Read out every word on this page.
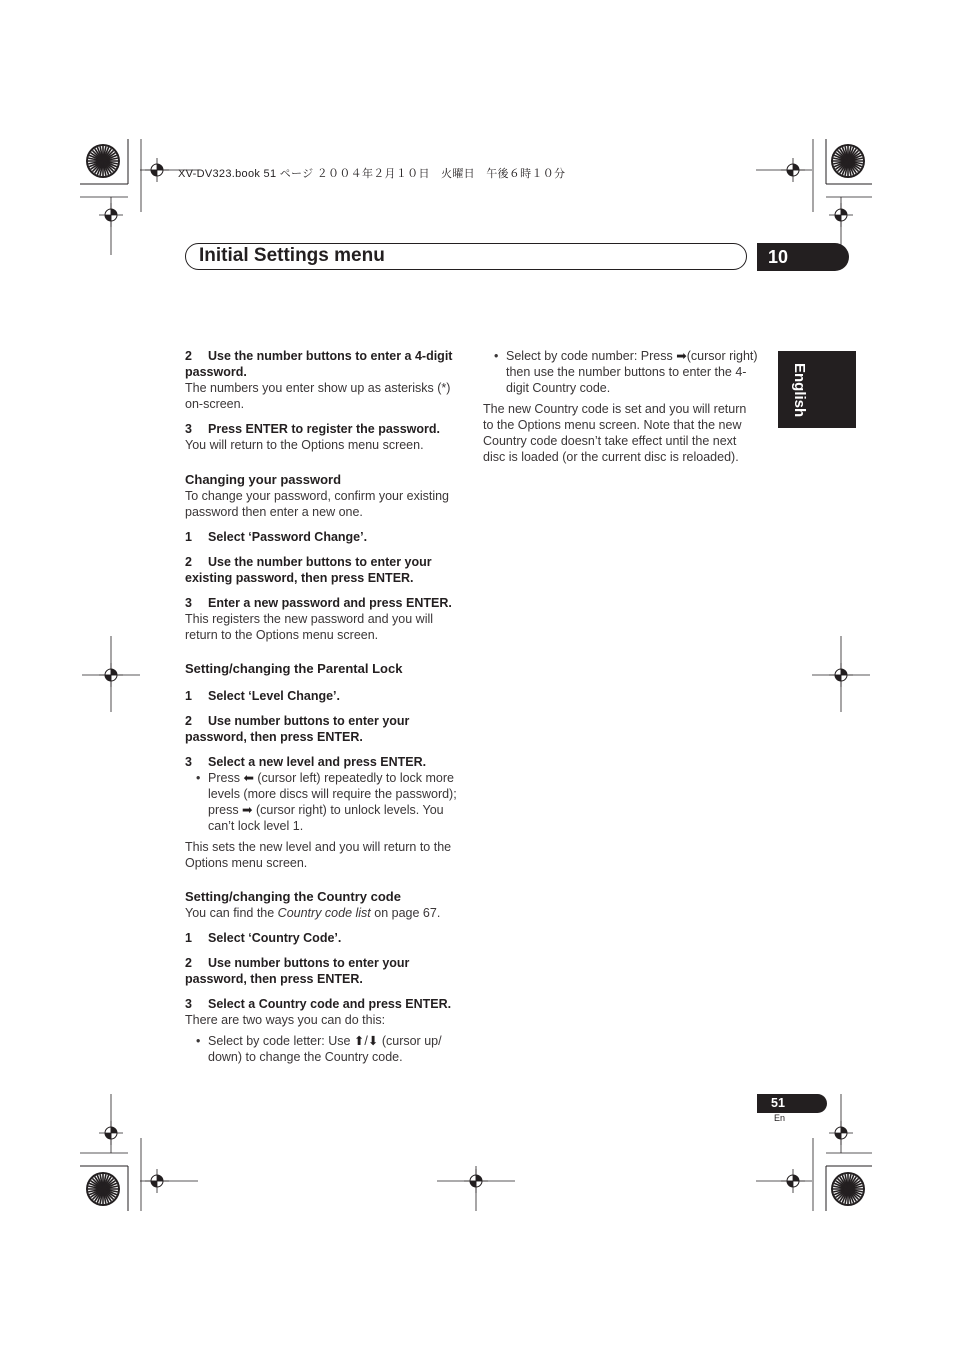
XV-DV323.book 51 ページ ２００４年２月１０日　火曜日　午後６時１０分
Initial Settings menu	10
English

2 Use the number buttons to enter a 4-digit password.

The numbers you enter show up as asterisks (*) on-screen.

3 Press ENTER to register the password.

You will return to the Options menu screen.

Changing your password

To change your password, confirm your existing password then enter a new one.

1 Select ‘Password Change’.

2 Use the number buttons to enter your existing password, then press ENTER.

3 Enter a new password and press ENTER.

This registers the new password and you will return to the Options menu screen.

Setting/changing the Parental Lock

1 Select ‘Level Change’.

2 Use number buttons to enter your password, then press ENTER.

3 Select a new level and press ENTER.

• Press ⬅ (cursor left) repeatedly to lock more levels (more discs will require the password); press ➡ (cursor right) to unlock levels. You can’t lock level 1.

This sets the new level and you will return to the Options menu screen.

Setting/changing the Country code

You can find the Country code list on page 67.

1 Select ‘Country Code’.

2 Use number buttons to enter your password, then press ENTER.

3 Select a Country code and press ENTER.

There are two ways you can do this:

• Select by code letter: Use ⬆/⬇ (cursor up/ down) to change the Country code.

• Select by code number: Press ➡(cursor right) then use the number buttons to enter the 4-digit Country code.

The new Country code is set and you will return to the Options menu screen. Note that the new Country code doesn’t take effect until the next disc is loaded (or the current disc is reloaded).

51
En
